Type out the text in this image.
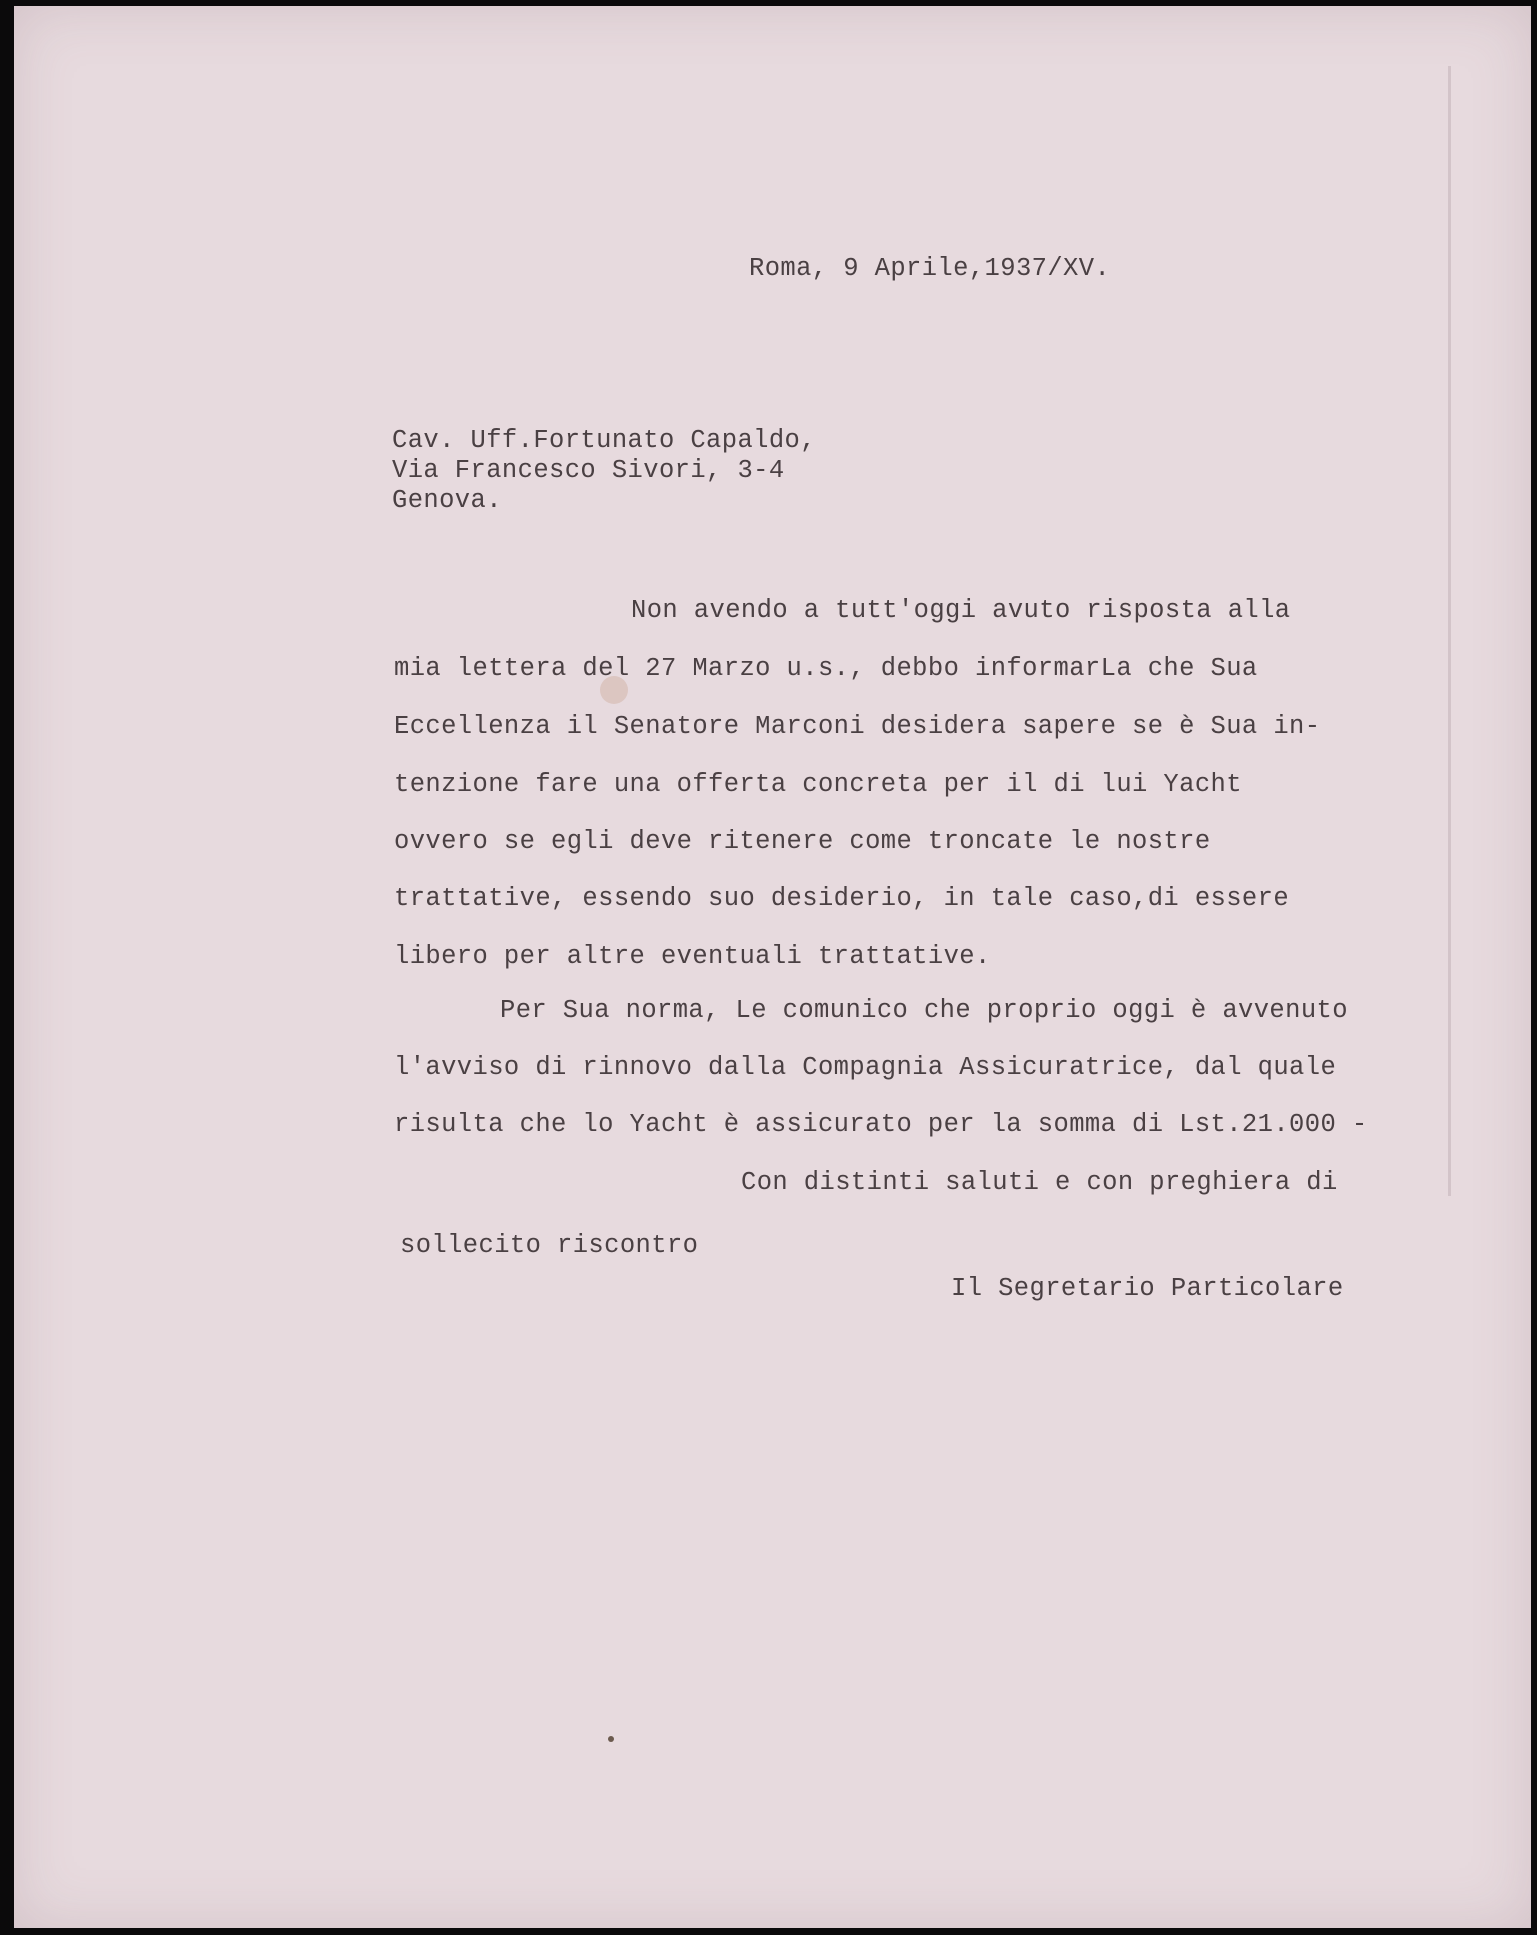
Roma, 9 Aprile,1937/XV.
Cav. Uff.Fortunato Capaldo,
Via Francesco Sivori, 3-4
Genova.
Non avendo a tutt'oggi avuto risposta alla
mia lettera del 27 Marzo u.s., debbo informarLa che Sua
Eccellenza il Senatore Marconi desidera sapere se è Sua in-
tenzione fare una offerta concreta per il di lui Yacht
ovvero se egli deve ritenere come troncate le nostre
trattative, essendo suo desiderio, in tale caso,di essere
libero per altre eventuali trattative.
Per Sua norma, Le comunico che proprio oggi è avvenuto
l'avviso di rinnovo dalla Compagnia Assicuratrice, dal quale
risulta che lo Yacht è assicurato per la somma di Lst.21.000 -
Con distinti saluti e con preghiera di
sollecito riscontro
Il Segretario Particolare
